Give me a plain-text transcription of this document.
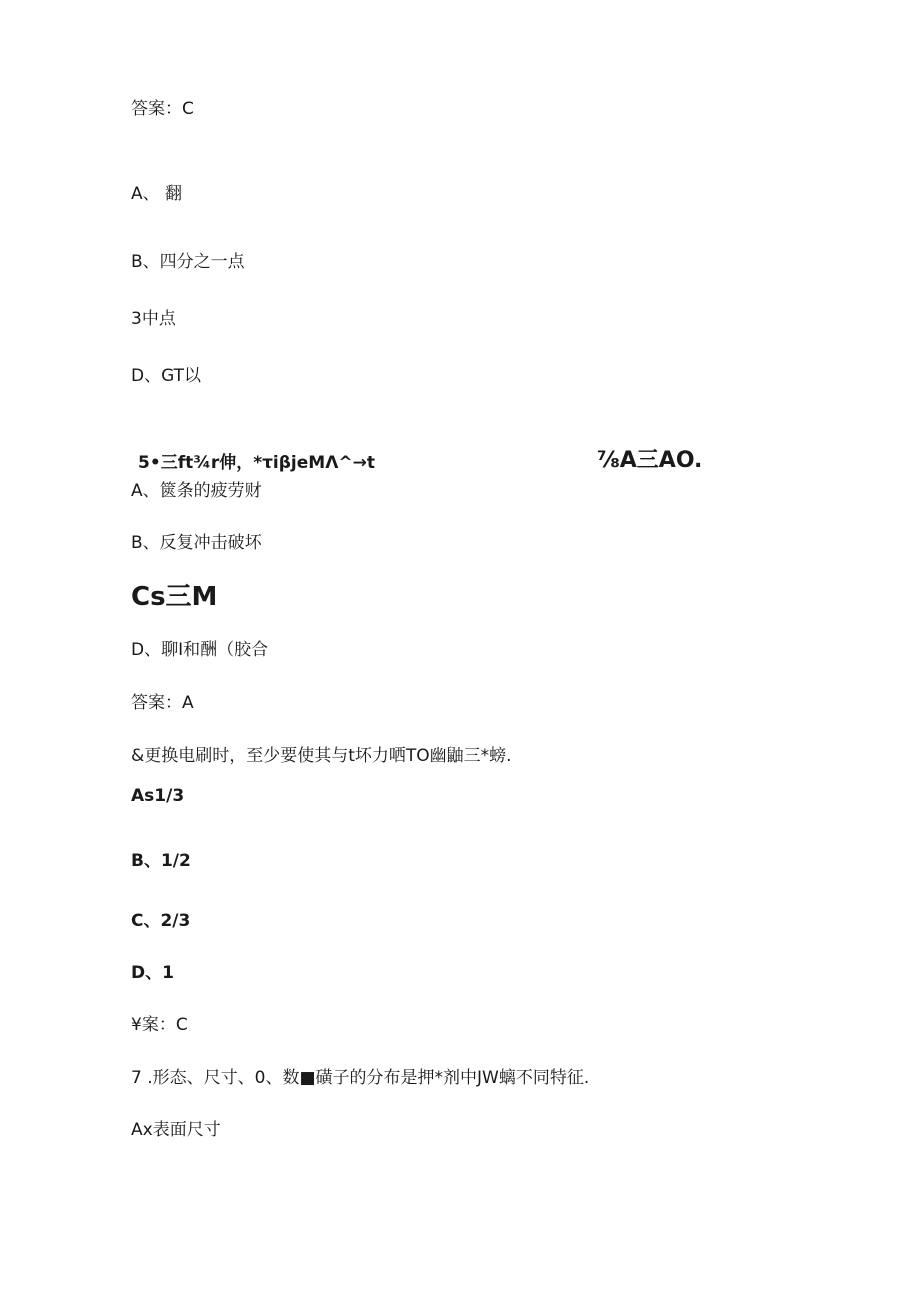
答案：C
A、 翻
B、四分之一点
3中点
D、GT以
5•三ft¾r伸，*τiβjeMΛ^→t	⅞A三AO.
A、篋条的疲劳财
B、反复冲击破坏
Cs三M
D、聊I和酬（胶合
答案：A
&更换电刷时，至少要使其与t坏力哂TO幽鼬三*螃.
As1/3
B、1/2
C、2/3
D、1
¥案：C
7 .形态、尺寸、0、数■磺子的分布是押*剂中JW螭不同特征.
Ax表面尺寸
